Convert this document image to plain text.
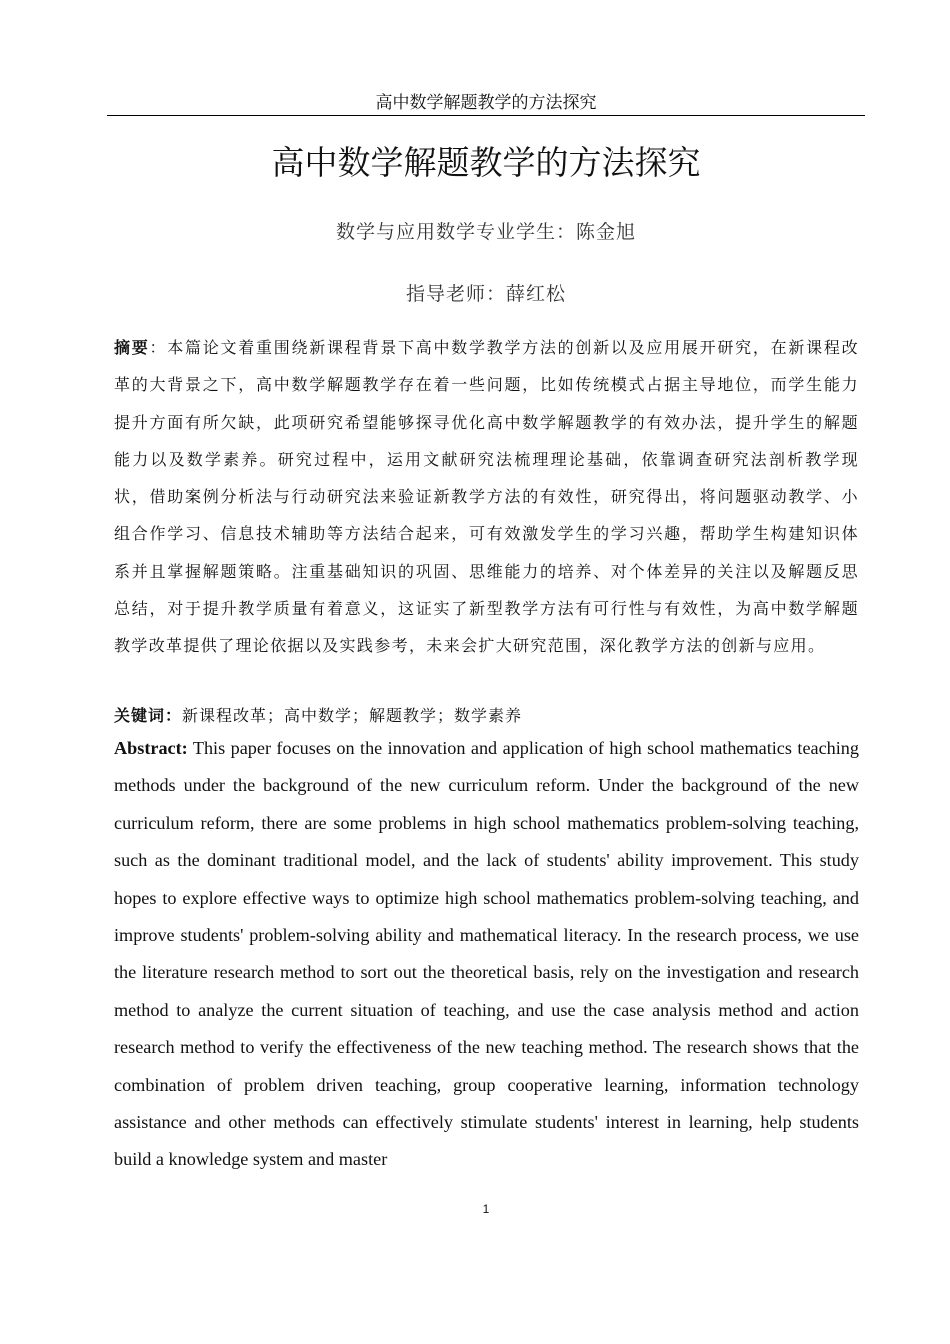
高中数学解题教学的方法探究
高中数学解题教学的方法探究
数学与应用数学专业学生：陈金旭
指导老师：薛红松
摘要：本篇论文着重围绕新课程背景下高中数学教学方法的创新以及应用展开研究，在新课程改革的大背景之下，高中数学解题教学存在着一些问题，比如传统模式占据主导地位，而学生能力提升方面有所欠缺，此项研究希望能够探寻优化高中数学解题教学的有效办法，提升学生的解题能力以及数学素养。研究过程中，运用文献研究法梳理理论基础，依靠调查研究法剖析教学现状，借助案例分析法与行动研究法来验证新教学方法的有效性，研究得出，将问题驱动教学、小组合作学习、信息技术辅助等方法结合起来，可有效激发学生的学习兴趣，帮助学生构建知识体系并且掌握解题策略。注重基础知识的巩固、思维能力的培养、对个体差异的关注以及解题反思总结，对于提升教学质量有着意义，这证实了新型教学方法有可行性与有效性，为高中数学解题教学改革提供了理论依据以及实践参考，未来会扩大研究范围，深化教学方法的创新与应用。
关键词：新课程改革；高中数学；解题教学；数学素养
Abstract: This paper focuses on the innovation and application of high school mathematics teaching methods under the background of the new curriculum reform. Under the background of the new curriculum reform, there are some problems in high school mathematics problem-solving teaching, such as the dominant traditional model, and the lack of students' ability improvement. This study hopes to explore effective ways to optimize high school mathematics problem-solving teaching, and improve students' problem-solving ability and mathematical literacy. In the research process, we use the literature research method to sort out the theoretical basis, rely on the investigation and research method to analyze the current situation of teaching, and use the case analysis method and action research method to verify the effectiveness of the new teaching method. The research shows that the combination of problem driven teaching, group cooperative learning, information technology assistance and other methods can effectively stimulate students' interest in learning, help students build a knowledge system and master
1
